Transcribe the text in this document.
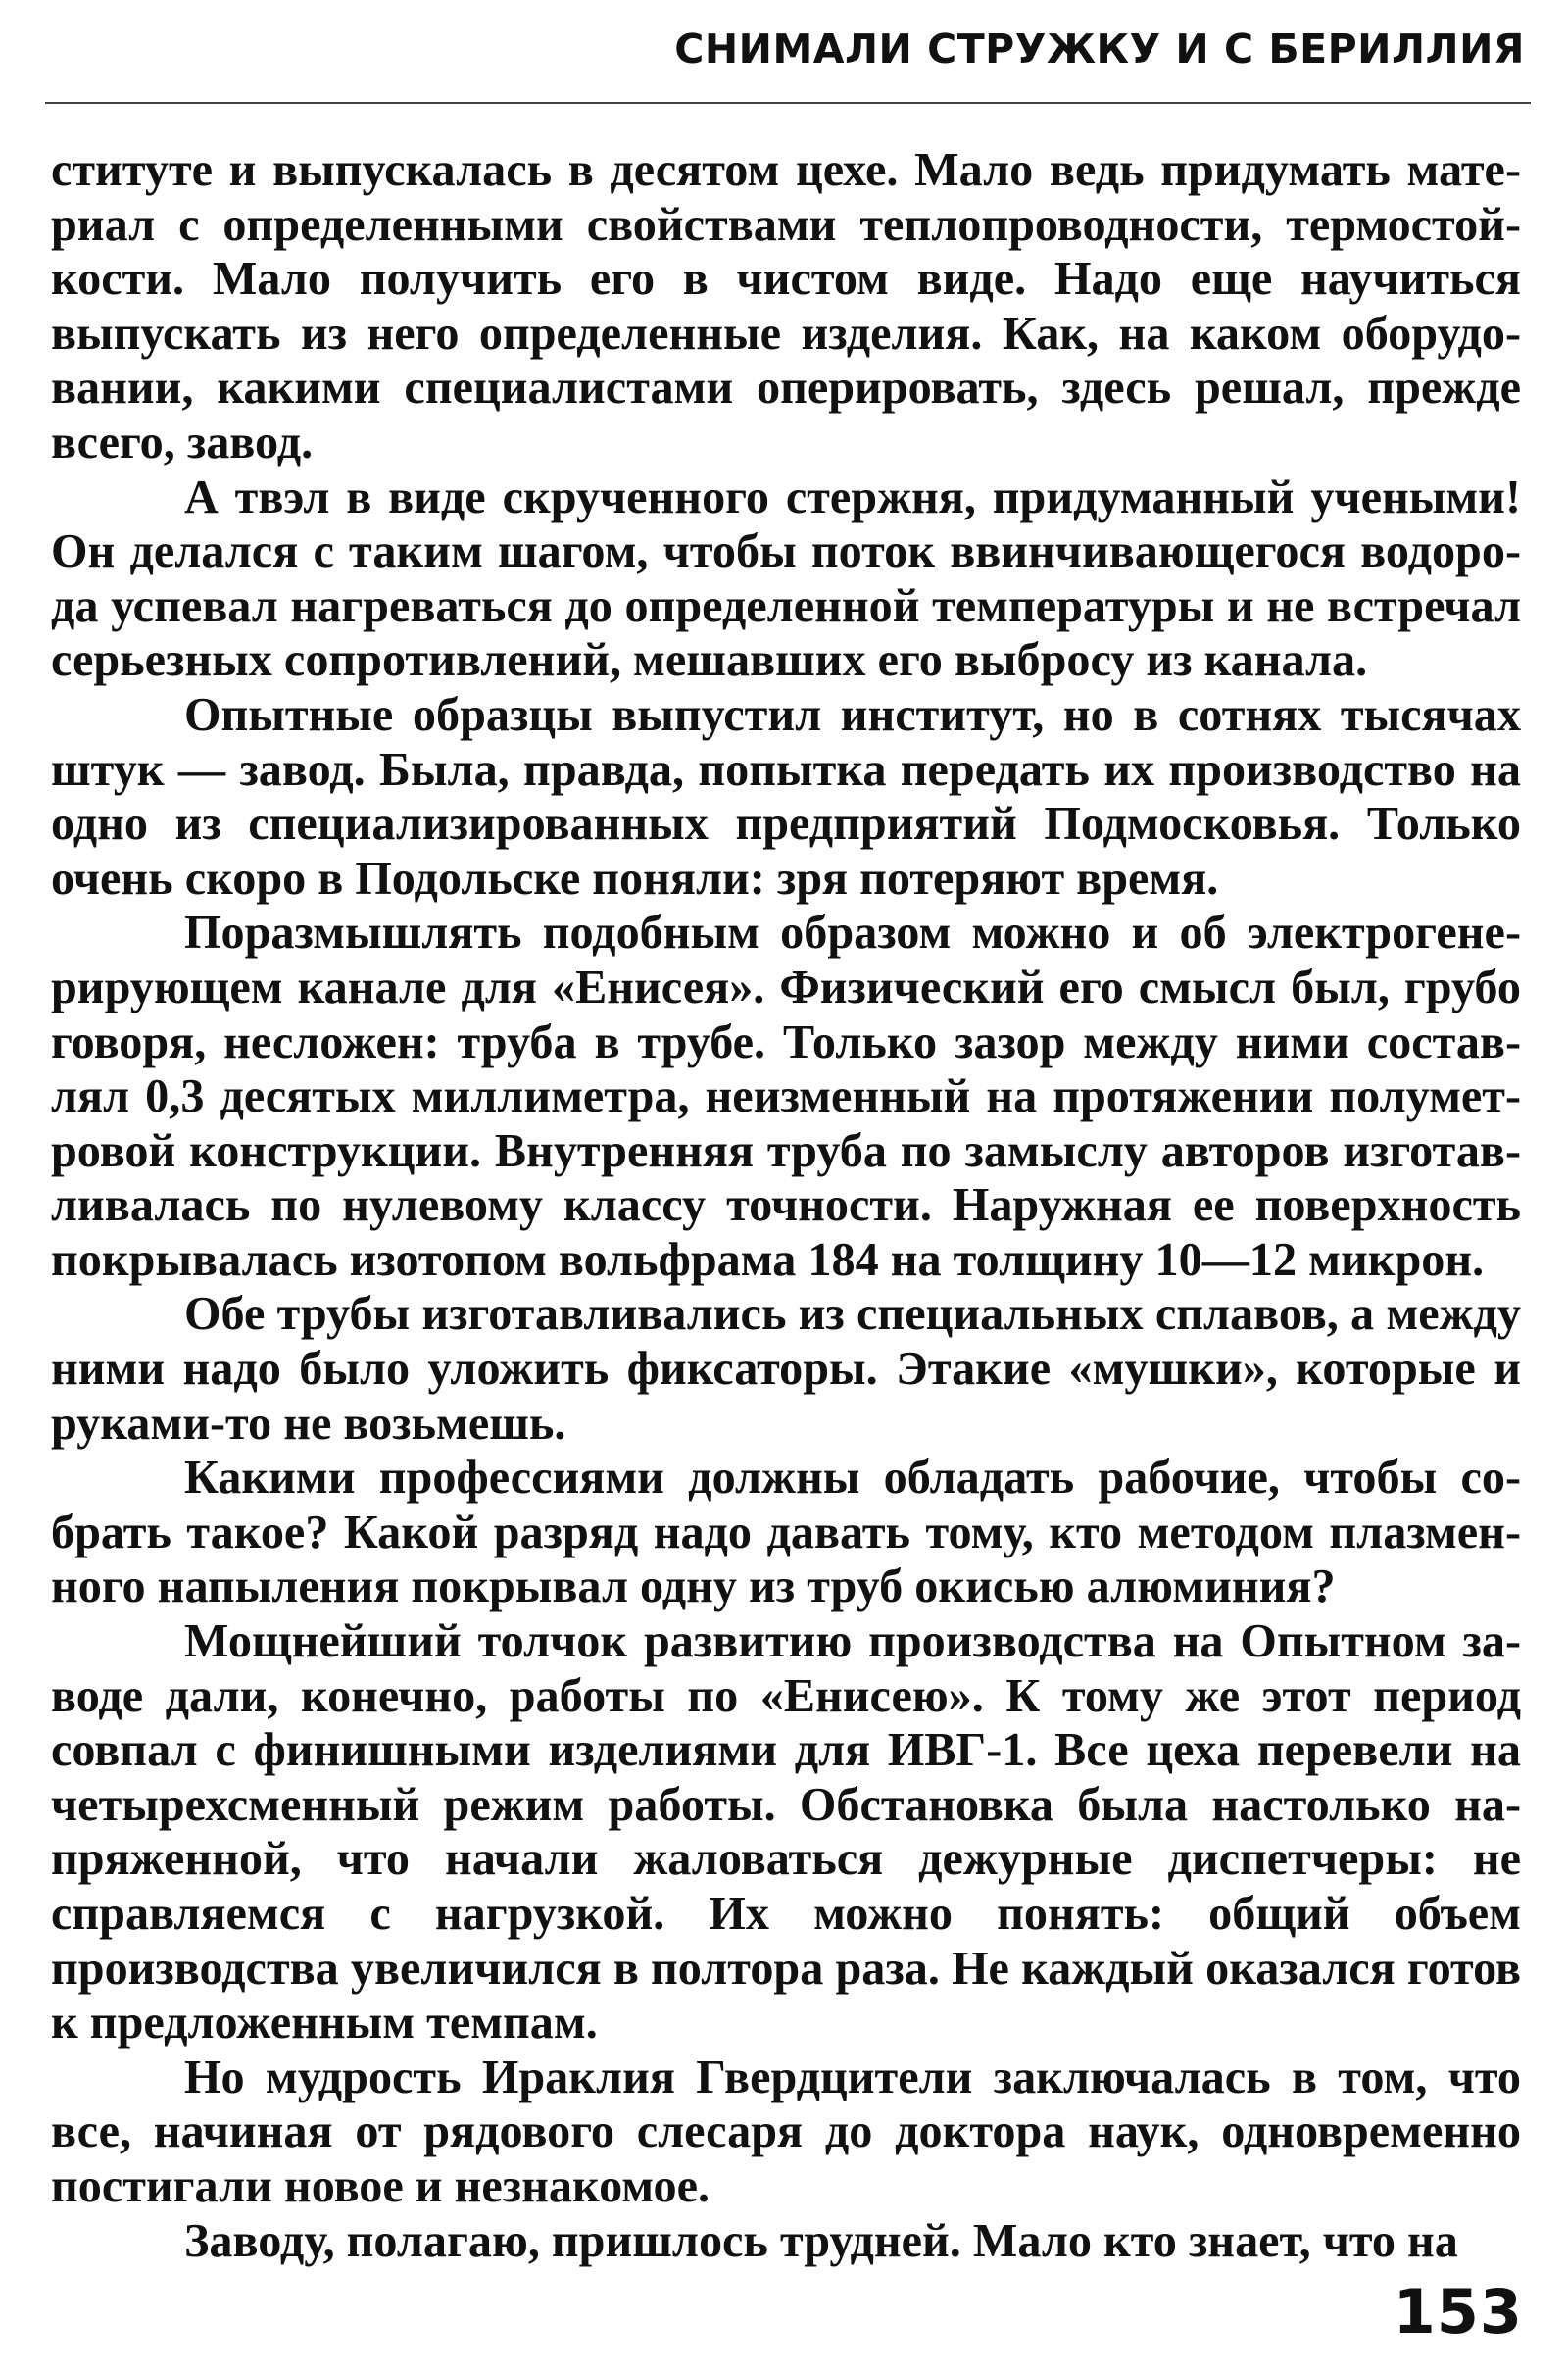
СНИМАЛИ СТРУЖКУ И С БЕРИЛЛИЯ

ституте и выпускалась в десятом цехе. Мало ведь придумать материал с определенными свойствами теплопроводности, термостойкости. Мало получить его в чистом виде. Надо еще научиться выпускать из него определенные изделия. Как, на каком оборудовании, какими специалистами оперировать, здесь решал, прежде всего, завод.

А твэл в виде скрученного стержня, придуманный учеными! Он делался с таким шагом, чтобы поток ввинчивающегося водорода успевал нагреваться до определенной температуры и не встречал серьезных сопротивлений, мешавших его выбросу из канала.

Опытные образцы выпустил институт, но в сотнях тысячах штук — завод. Была, правда, попытка передать их производство на одно из специализированных предприятий Подмосковья. Только очень скоро в Подольске поняли: зря потеряют время.

Поразмышлять подобным образом можно и об электрогенерирующем канале для «Енисея». Физический его смысл был, грубо говоря, несложен: труба в трубе. Только зазор между ними составлял 0,3 десятых миллиметра, неизменный на протяжении полуметровой конструкции. Внутренняя труба по замыслу авторов изготавливалась по нулевому классу точности. Наружная ее поверхность покрывалась изотопом вольфрама 184 на толщину 10—12 микрон.

Обе трубы изготавливались из специальных сплавов, а между ними надо было уложить фиксаторы. Этакие «мушки», которые и руками-то не возьмешь.

Какими профессиями должны обладать рабочие, чтобы собрать такое? Какой разряд надо давать тому, кто методом плазменного напыления покрывал одну из труб окисью алюминия?

Мощнейший толчок развитию производства на Опытном заводе дали, конечно, работы по «Енисею». К тому же этот период совпал с финишными изделиями для ИВГ-1. Все цеха перевели на четырехсменный режим работы. Обстановка была настолько напряженной, что начали жаловаться дежурные диспетчеры: не справляемся с нагрузкой. Их можно понять: общий объем производства увеличился в полтора раза. Не каждый оказался готов к предложенным темпам.

Но мудрость Ираклия Гвердцители заключалась в том, что все, начиная от рядового слесаря до доктора наук, одновременно постигали новое и незнакомое.

Заводу, полагаю, пришлось трудней. Мало кто знает, что на

153
